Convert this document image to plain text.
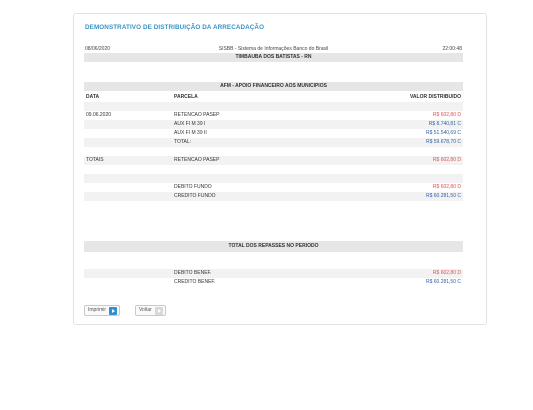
DEMONSTRATIVO DE DISTRIBUIÇÃO DA ARRECADAÇÃO
08/06/2020	SISBB - Sistema de Informações Banco do Brasil	22:00:48
TIMBAUBA DOS BATISTAS - RN
AFM - APOIO FINANCEIRO AOS MUNICIPIOS
DATA	PARCELA	VALOR DISTRIBUIDO

09.06.2020	RETENCAO PASEP	R$ 602,80 D
	AUX FI M 39 I	R$ 8.740,81 C
	AUX FI M 39 II	R$ 51.540,69 C
	TOTAL:	R$ 59.678,70 C

TOTAIS	RETENCAO PASEP	R$ 602,80 D

	DEBITO FUNDO	R$ 602,80 D
	CREDITO FUNDO	R$ 60.281,50 C
TOTAL DOS REPASSES NO PERIODO

	DEBITO BENEF.	R$ 602,80 D
	CREDITO BENEF.	R$ 60.281,50 C
Imprimir	Voltar
